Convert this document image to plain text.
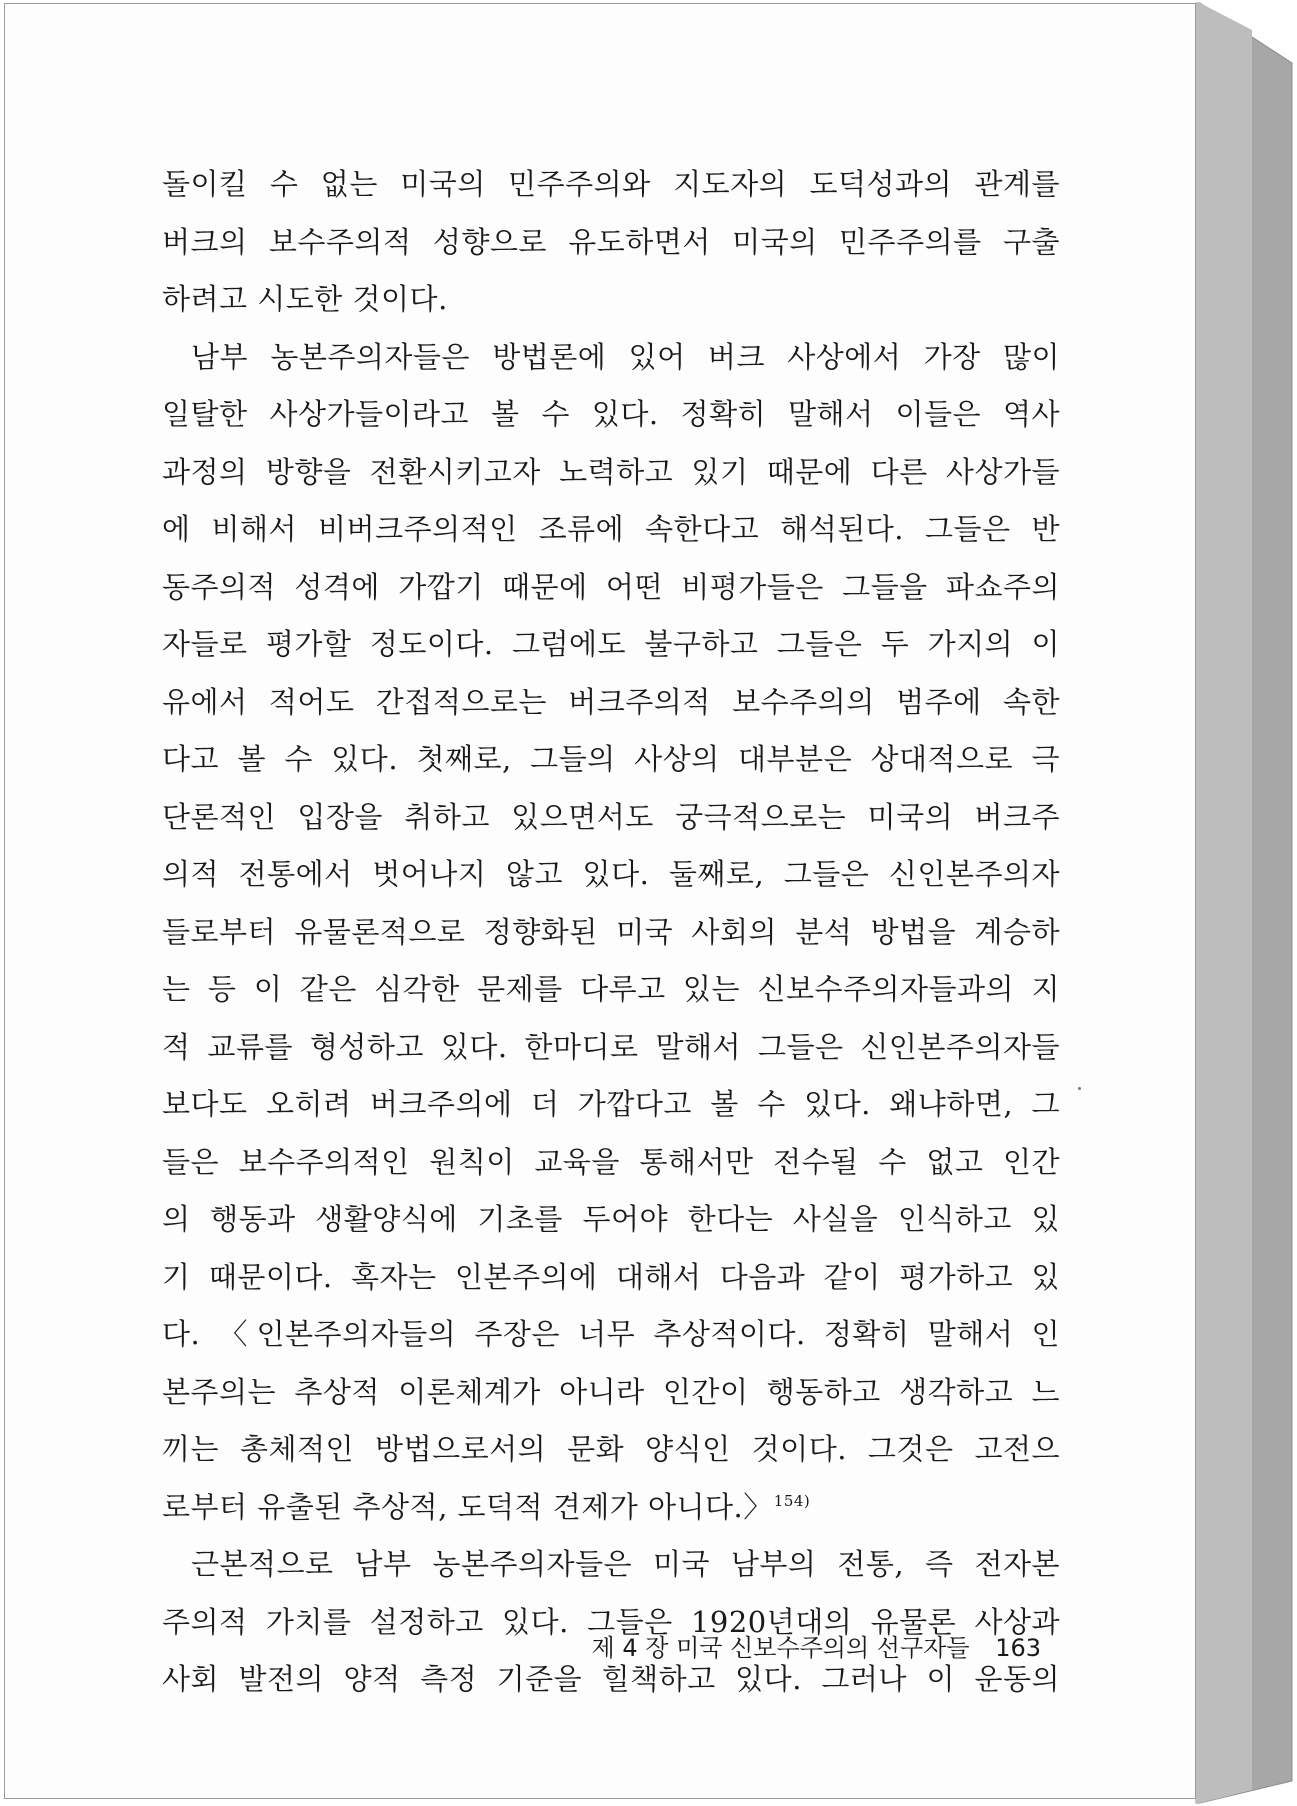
돌이킬 수 없는 미국의 민주주의와 지도자의 도덕성과의 관계를
버크의 보수주의적 성향으로 유도하면서 미국의 민주주의를 구출
하려고 시도한 것이다.
남부 농본주의자들은 방법론에 있어 버크 사상에서 가장 많이
일탈한 사상가들이라고 볼 수 있다. 정확히 말해서 이들은 역사
과정의 방향을 전환시키고자 노력하고 있기 때문에 다른 사상가들
에 비해서 비버크주의적인 조류에 속한다고 해석된다. 그들은 반
동주의적 성격에 가깝기 때문에 어떤 비평가들은 그들을 파쇼주의
자들로 평가할 정도이다. 그럼에도 불구하고 그들은 두 가지의 이
유에서 적어도 간접적으로는 버크주의적 보수주의의 범주에 속한
다고 볼 수 있다. 첫째로, 그들의 사상의 대부분은 상대적으로 극
단론적인 입장을 취하고 있으면서도 궁극적으로는 미국의 버크주
의적 전통에서 벗어나지 않고 있다. 둘째로, 그들은 신인본주의자
들로부터 유물론적으로 정향화된 미국 사회의 분석 방법을 계승하
는 등 이 같은 심각한 문제를 다루고 있는 신보수주의자들과의 지
적 교류를 형성하고 있다. 한마디로 말해서 그들은 신인본주의자들
보다도 오히려 버크주의에 더 가깝다고 볼 수 있다. 왜냐하면, 그
들은 보수주의적인 원칙이 교육을 통해서만 전수될 수 없고 인간
의 행동과 생활양식에 기초를 두어야 한다는 사실을 인식하고 있
기 때문이다. 혹자는 인본주의에 대해서 다음과 같이 평가하고 있
다. 〈인본주의자들의 주장은 너무 추상적이다. 정확히 말해서 인
본주의는 추상적 이론체계가 아니라 인간이 행동하고 생각하고 느
끼는 총체적인 방법으로서의 문화 양식인 것이다. 그것은 고전으
로부터 유출된 추상적, 도덕적 견제가 아니다.〉$^{154)}$
근본적으로 남부 농본주의자들은 미국 남부의 전통, 즉 전자본
주의적 가치를 설정하고 있다. 그들은 1920년대의 유물론 사상과
사회 발전의 양적 측정 기준을 힐책하고 있다. 그러나 이 운동의
제 4 장 미국 신보수주의의 선구자들 163
